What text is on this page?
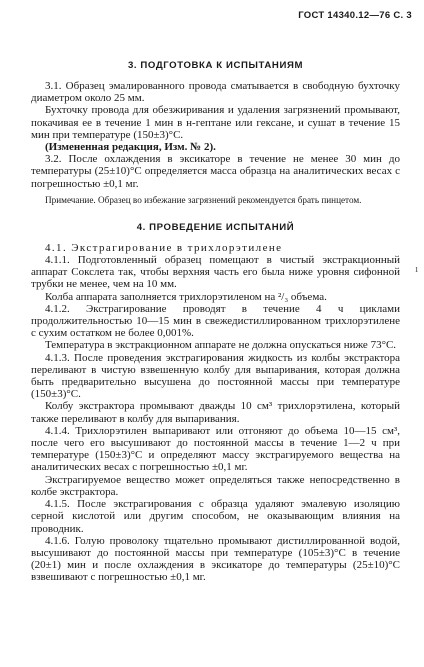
ГОСТ 14340.12—76 С. 3
3. ПОДГОТОВКА К ИСПЫТАНИЯМ

3.1. Образец эмалированного провода сматывается в свободную бухточку диаметром около 25 мм.

Бухточку провода для обезжиривания и удаления загрязнений промывают, покачивая ее в течение 1 мин в н-гептане или гексане, и сушат в течение 15 мин при температуре (150±3)°С.

(Измененная редакция, Изм. № 2).

3.2. После охлаждения в эксикаторе в течение не менее 30 мин до температуры (25±10)°С определяется масса образца на аналитических весах с погрешностью ±0,1 мг.

Примечание. Образец во избежание загрязнений рекомендуется брать пинцетом.

4. ПРОВЕДЕНИЕ ИСПЫТАНИЙ

4.1. Экстрагирование в трихлорэтилене

4.1.1. Подготовленный образец помещают в чистый экстракционный аппарат Сокслета так, чтобы верхняя часть его была ниже уровня сифонной трубки не менее, чем на 10 мм.

Колба аппарата заполняется трихлорэтиленом на ²/₃ объема.

4.1.2. Экстрагирование проводят в течение 4 ч циклами продолжительностью 10—15 мин в свежедистиллированном трихлорэтилене с сухим остатком не более 0,001%.

Температура в экстракционном аппарате не должна опускаться ниже 73°С.

4.1.3. После проведения экстрагирования жидкость из колбы экстрактора переливают в чистую взвешенную колбу для выпаривания, которая должна быть предварительно высушена до постоянной массы при температуре (150±3)°С.

Колбу экстрактора промывают дважды 10 см³ трихлорэтилена, который также переливают в колбу для выпаривания.

4.1.4. Трихлорэтилен выпаривают или отгоняют до объема 10—15 см³, после чего его высушивают до постоянной массы в течение 1—2 ч при температуре (150±3)°С и определяют массу экстрагируемого вещества на аналитических весах с погрешностью ±0,1 мг.

Экстрагируемое вещество может определяться также непосредственно в колбе экстрактора.

4.1.5. После экстрагирования с образца удаляют эмалевую изоляцию серной кислотой или другим способом, не оказывающим влияния на проводник.

4.1.6. Голую проволоку тщательно промывают дистиллированной водой, высушивают до постоянной массы при температуре (105±3)°С в течение (20±1) мин и после охлаждения в эксикаторе до температуры (25±10)°С взвешивают с погрешностью ±0,1 мг.

ı
